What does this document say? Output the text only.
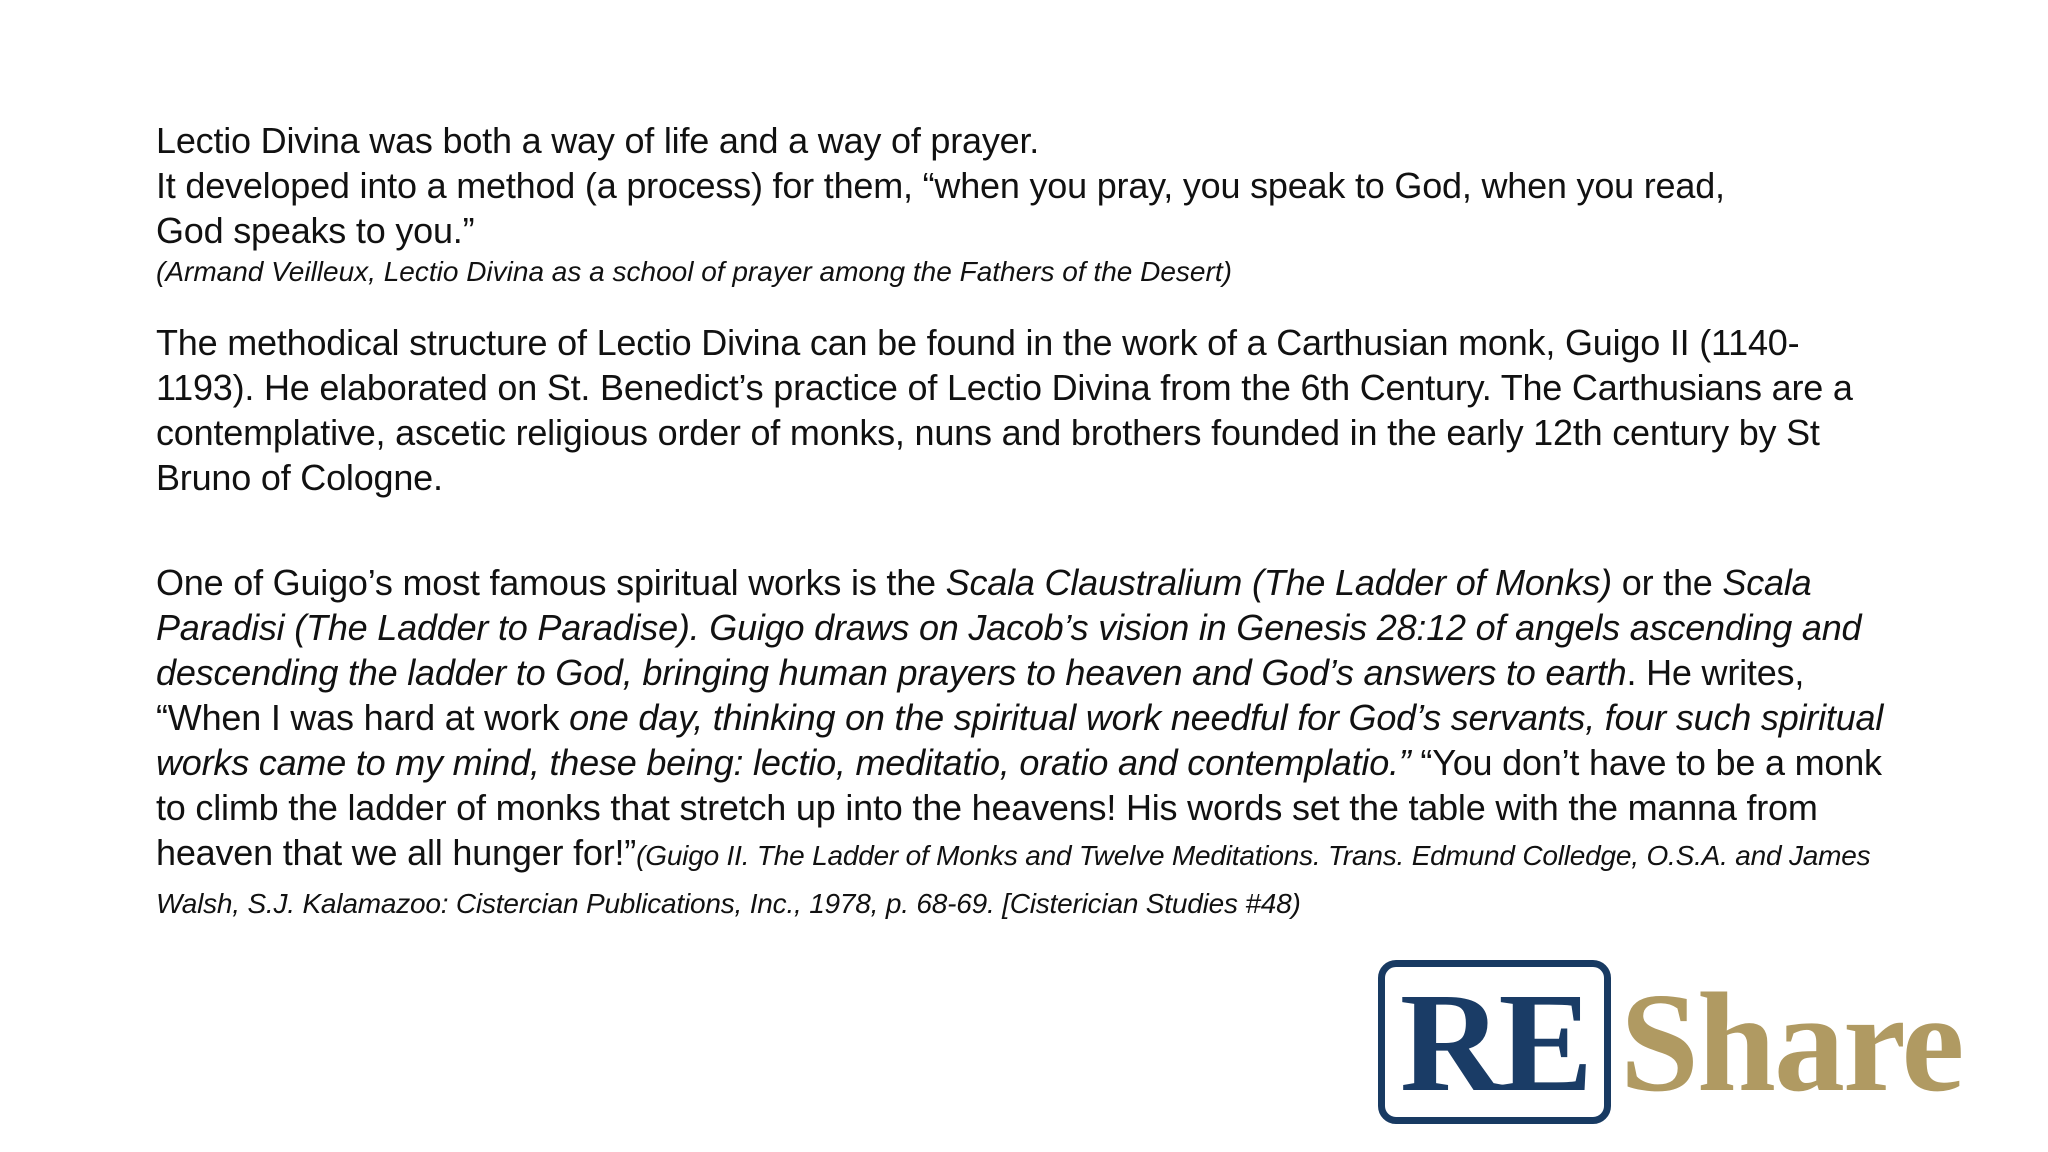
Lectio Divina was both a way of life and a way of prayer.
It developed into a method (a process) for them, “when you pray, you speak to God, when you read,
God speaks to you.”

(Armand Veilleux, Lectio Divina as a school of prayer among the Fathers of the Desert)

The methodical structure of Lectio Divina can be found in the work of a Carthusian monk, Guigo II (1140-1193). He elaborated on St. Benedict’s practice of Lectio Divina from the 6th Century. The Carthusians are a contemplative, ascetic religious order of monks, nuns and brothers founded in the early 12th century by St Bruno of Cologne.

One of Guigo’s most famous spiritual works is the Scala Claustralium (The Ladder of Monks) or the Scala Paradisi (The Ladder to Paradise). Guigo draws on Jacob’s vision in Genesis 28:12 of angels ascending and descending the ladder to God, bringing human prayers to heaven and God’s answers to earth. He writes, “When I was hard at work one day, thinking on the spiritual work needful for God’s servants, four such spiritual works came to my mind, these being: lectio, meditatio, oratio and contemplatio.” “You don’t have to be a monk to climb the ladder of monks that stretch up into the heavens! His words set the table with the manna from heaven that we all hunger for!”(Guigo II. The Ladder of Monks and Twelve Meditations. Trans. Edmund Colledge, O.S.A. and James Walsh, S.J. Kalamazoo: Cistercian Publications, Inc., 1978, p. 68-69. [Cisterician Studies #48)

RE Share
